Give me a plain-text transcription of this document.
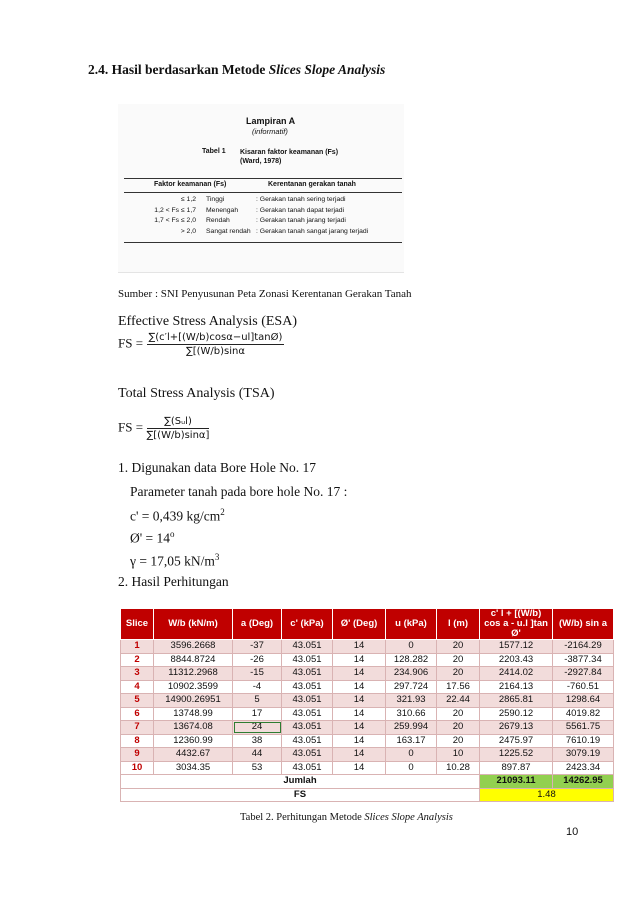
2.4. Hasil berdasarkan Metode Slices Slope Analysis
Lampiran A
(informatif)
Tabel 1 Kisaran faktor keamanan (Fs)
(Ward, 1978)
Faktor keamanan (Fs)	Kerentanan gerakan tanah
≤ 1,2 Tinggi	: Gerakan tanah sering terjadi
1,2 < Fs ≤ 1,7 Menengah	: Gerakan tanah dapat terjadi
1,7 < Fs ≤ 2,0 Rendah	: Gerakan tanah jarang terjadi
> 2,0 Sangat rendah : Gerakan tanah sangat jarang terjadi
Sumber : SNI Penyusunan Peta Zonasi Kerentanan Gerakan Tanah
Effective Stress Analysis (ESA)
FS = $\frac{\sum(c'l+[(W/b)\cos\alpha-ul]\tan Ø)}{\sum[(W/b)\sin\alpha}$
Total Stress Analysis (TSA)
FS = $\frac{\text{∑(Sᵤl)}}{\sum[(W/b)\sin\alpha]}$
1. Digunakan data Bore Hole No. 17
Parameter tanah pada bore hole No. 17 :
c' = 0,439 $kg/cm^2$
Ø' = $14^o$
γ = 17,05 $kN/m^3$
2. Hasil Perhitungan
Slice	W/b (kN/m)	a (Deg)	c' (kPa)	Ø' (Deg)	u (kPa)	l (m)	c' l + [(W/b) cos a - u.l ]tan Ø'	(W/b) sin a
1	3596.2668	-37	43.051	14	0	20	1577.12	-2164.29
2	8844.8724	-26	43.051	14	128.282	20	2203.43	-3877.34
3	11312.2968	-15	43.051	14	234.906	20	2414.02	-2927.84
4	10902.3599	-4	43.051	14	297.724	17.56	2164.13	-760.51
5	14900.26951	5	43.051	14	321.93	22.44	2865.81	1298.64
6	13748.99	17	43.051	14	310.66	20	2590.12	4019.82
7	13674.08	24	43.051	14	259.994	20	2679.13	5561.75
8	12360.99	38	43.051	14	163.17	20	2475.97	7610.19
9	4432.67	44	43.051	14	0	10	1225.52	3079.19
10	3034.35	53	43.051	14	0	10.28	897.87	2423.34
Jumlah							21093.11	14262.95
FS							1.48	
Tabel 2. Perhitungan Metode Slices Slope Analysis
10
